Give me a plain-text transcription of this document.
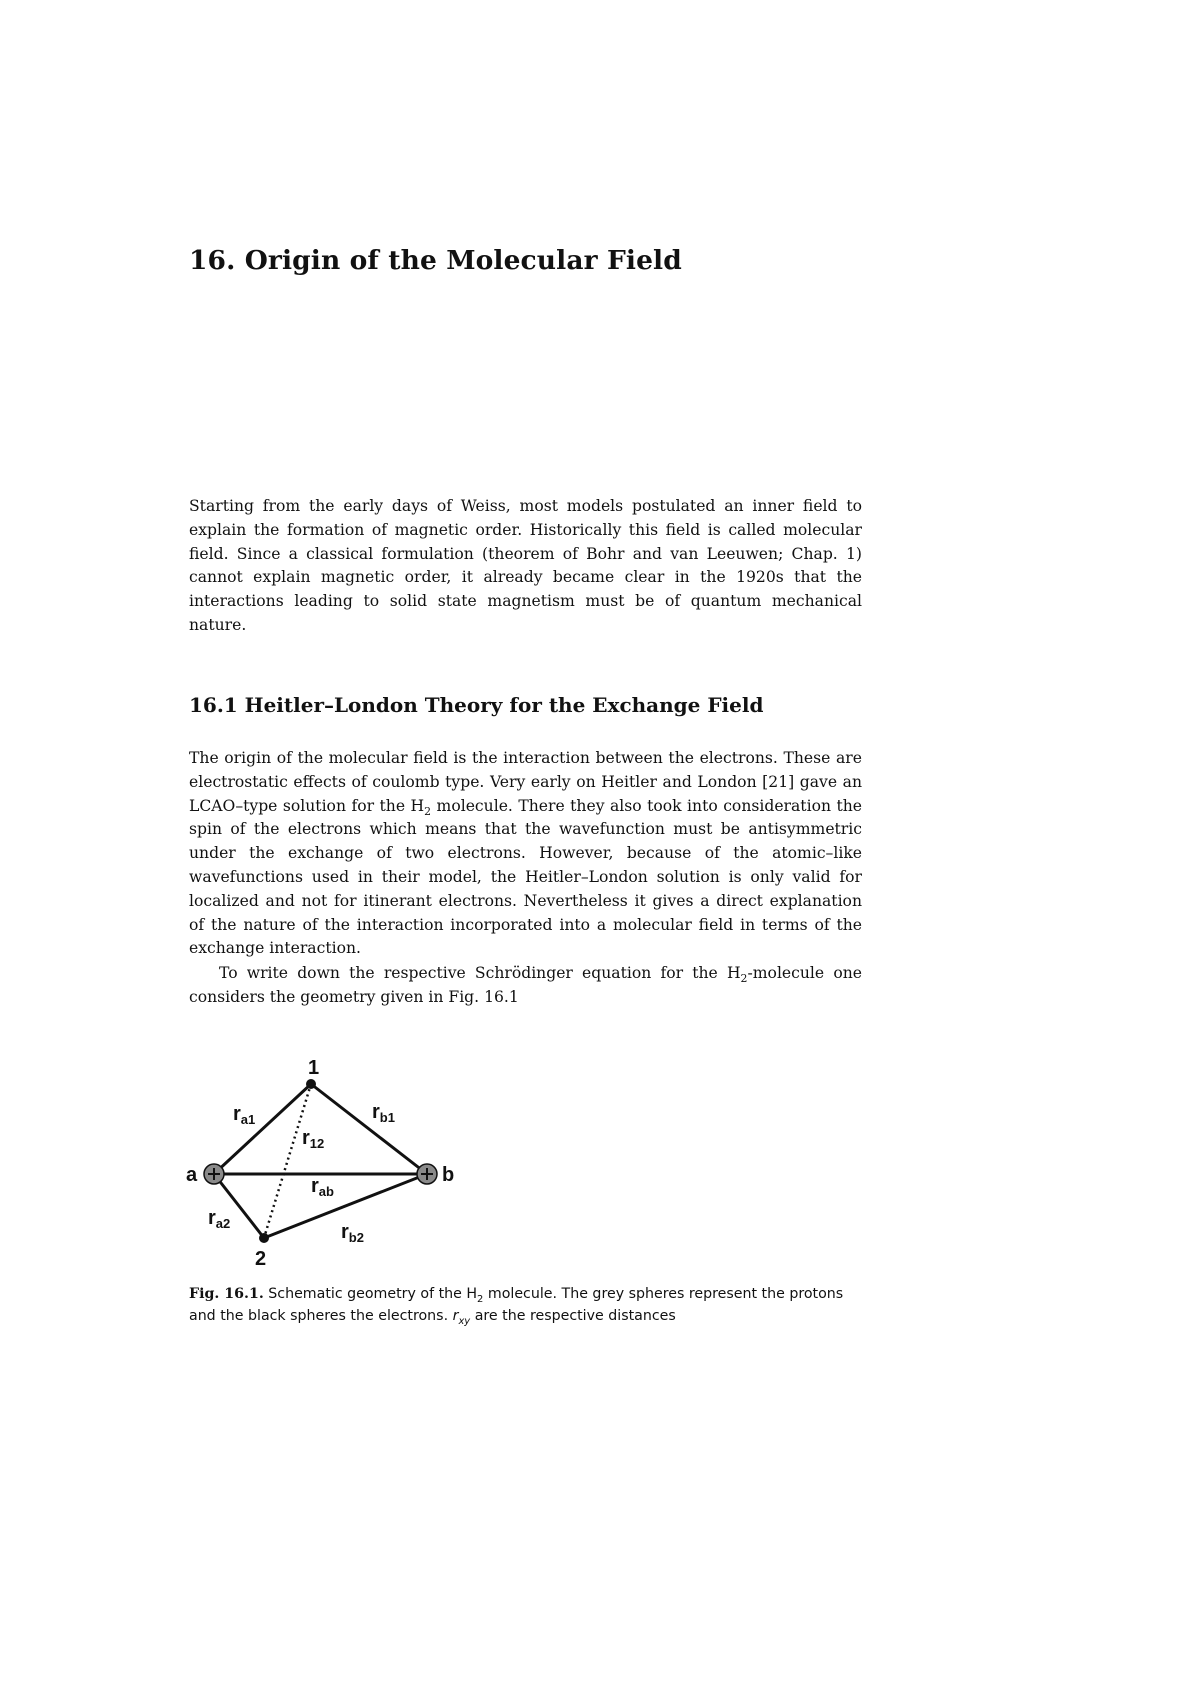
16. Origin of the Molecular Field

Starting from the early days of Weiss, most models postulated an inner field to explain the formation of magnetic order. Historically this field is called molecular field. Since a classical formulation (theorem of Bohr and van Leeuwen; Chap. 1) cannot explain magnetic order, it already became clear in the 1920s that the interactions leading to solid state magnetism must be of quantum mechanical nature.

16.1 Heitler–London Theory for the Exchange Field

The origin of the molecular field is the interaction between the electrons. These are electrostatic effects of coulomb type. Very early on Heitler and London [21] gave an LCAO–type solution for the $H_2$ molecule. There they also took into consideration the spin of the electrons which means that the wavefunction must be antisymmetric under the exchange of two electrons. However, because of the atomic–like wavefunctions used in their model, the Heitler–London solution is only valid for localized and not for itinerant electrons. Nevertheless it gives a direct explanation of the nature of the interaction incorporated into a molecular field in terms of the exchange interaction.

To write down the respective Schrödinger equation for the $H_2$-molecule one considers the geometry given in Fig. 16.1

1
2
a	b
$r_{a1}$	$r_{b1}$
$r_{12}$
$r_{ab}$
$r_{a2}$	$r_{b2}$

Fig. 16.1. Schematic geometry of the $H_2$ molecule. The grey spheres represent the protons and the black spheres the electrons. $r_{xy}$ are the respective distances
